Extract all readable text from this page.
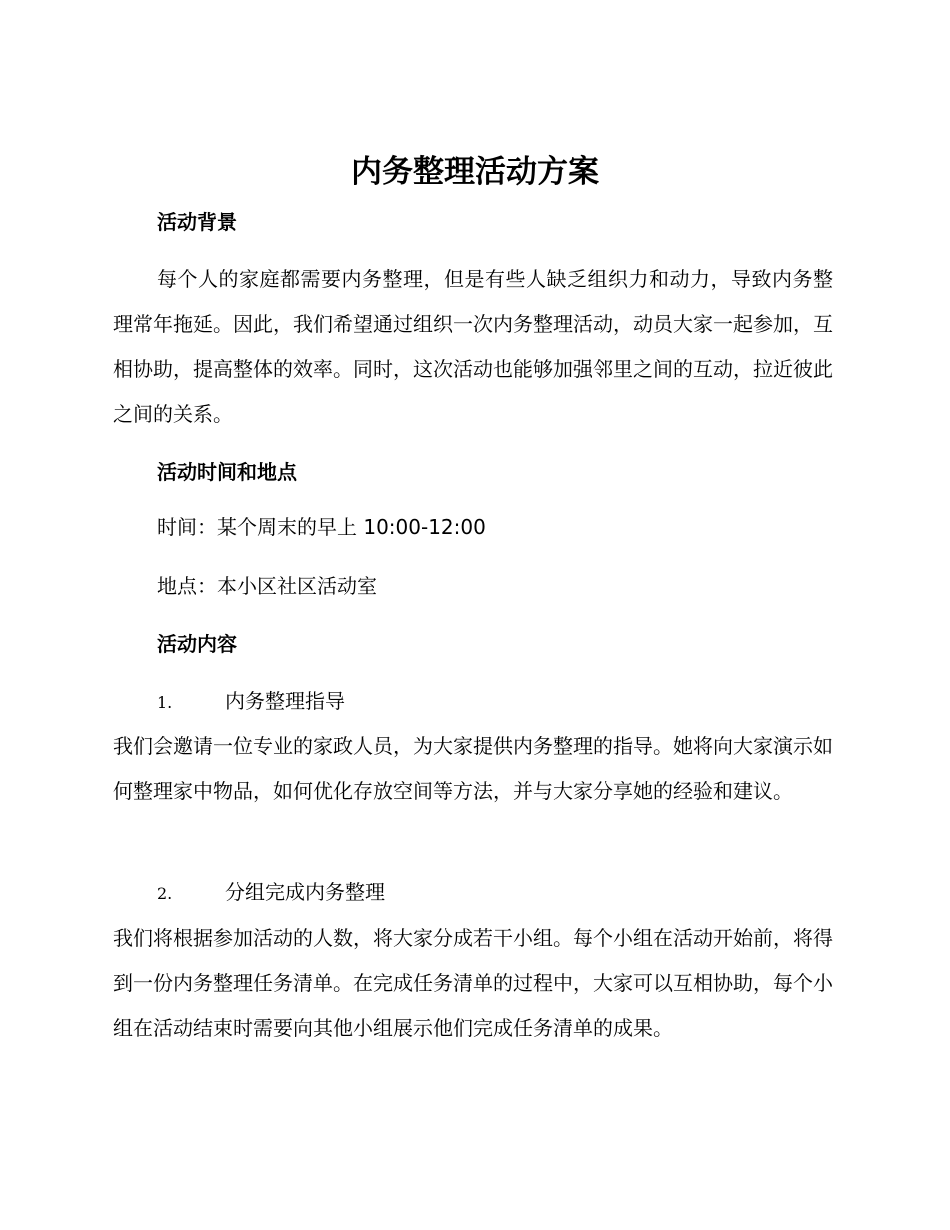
内务整理活动方案
活动背景

每个人的家庭都需要内务整理，但是有些人缺乏组织力和动力，导致内务整理常年拖延。因此，我们希望通过组织一次内务整理活动，动员大家一起参加，互相协助，提高整体的效率。同时，这次活动也能够加强邻里之间的互动，拉近彼此之间的关系。

活动时间和地点

时间：某个周末的早上 10:00-12:00

地点：本小区社区活动室

活动内容
1.	内务整理指导

我们会邀请一位专业的家政人员，为大家提供内务整理的指导。她将向大家演示如何整理家中物品，如何优化存放空间等方法，并与大家分享她的经验和建议。

2.	分组完成内务整理

我们将根据参加活动的人数，将大家分成若干小组。每个小组在活动开始前，将得到一份内务整理任务清单。在完成任务清单的过程中，大家可以互相协助，每个小组在活动结束时需要向其他小组展示他们完成任务清单的成果。
